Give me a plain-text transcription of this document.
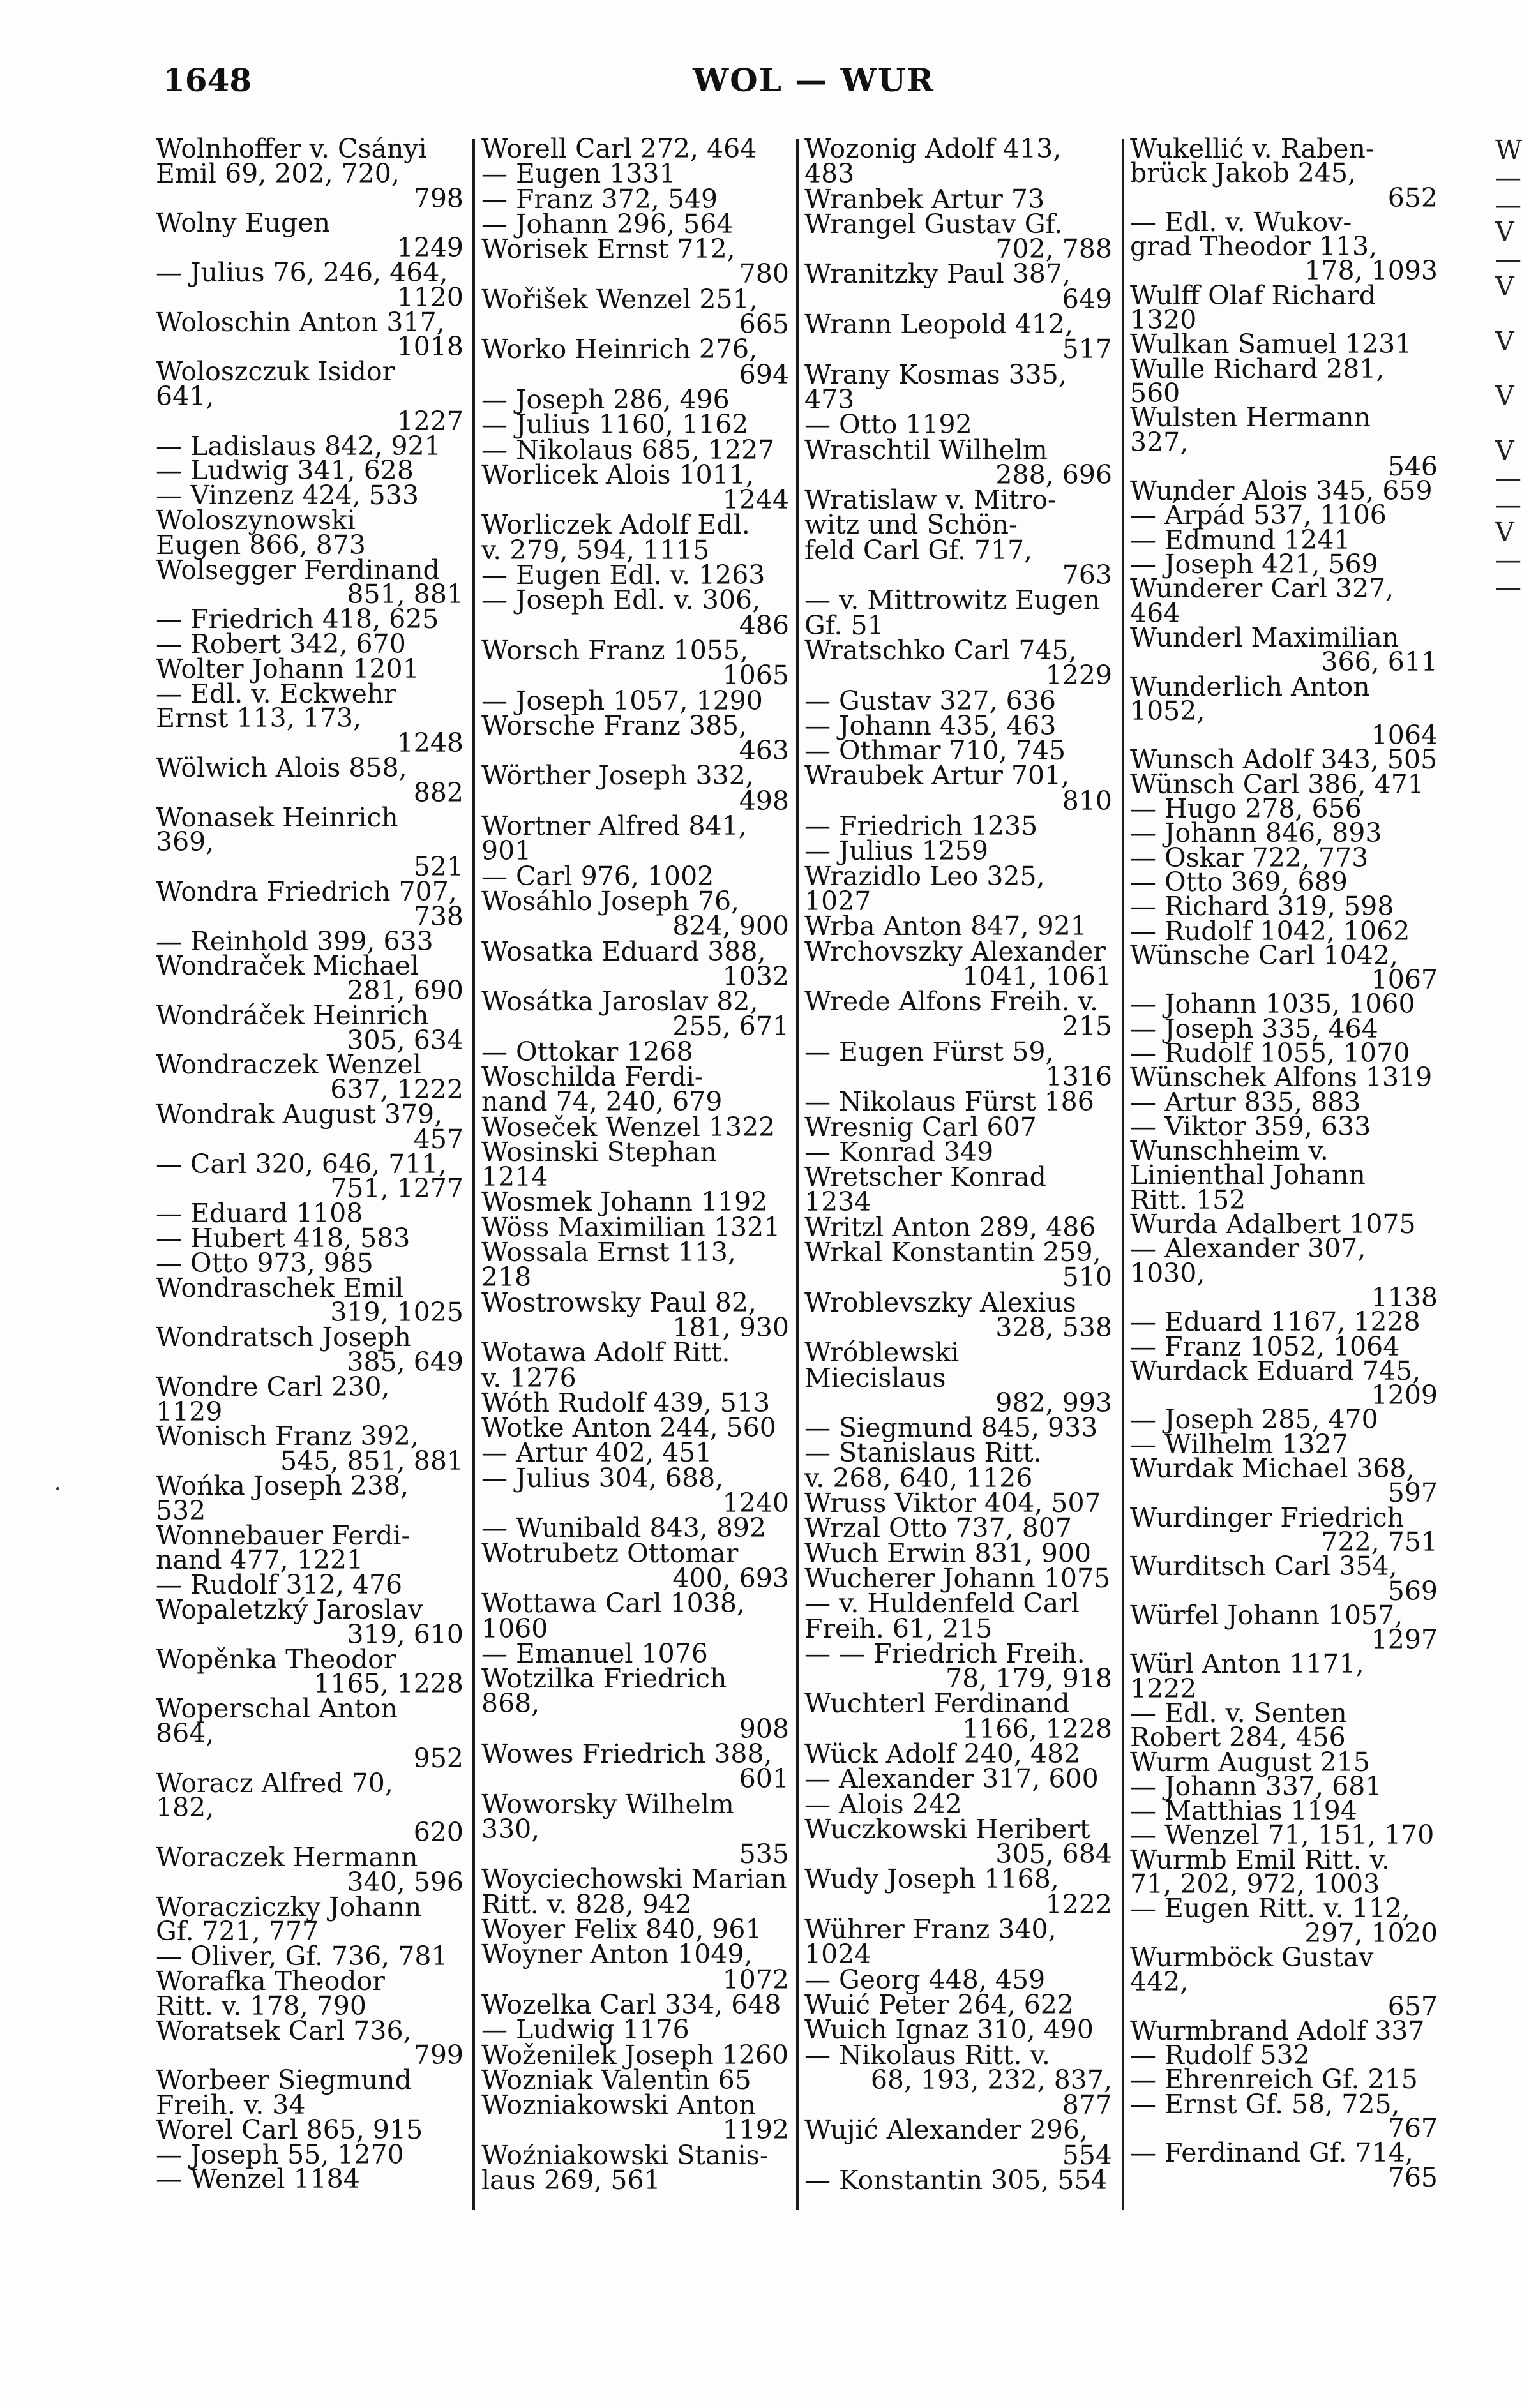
1648	WOL — WUR
Wolnhoffer v. Csányi
Emil 69, 202, 720,
798
Wolny Eugen
1249
— Julius 76, 246, 464,
1120
Woloschin Anton 317,
1018
Woloszczuk Isidor 641,
1227
— Ladislaus 842, 921
— Ludwig 341, 628
— Vinzenz 424, 533
Woloszynowski
Eugen 866, 873
Wolsegger Ferdinand
851, 881
— Friedrich 418, 625
— Robert 342, 670
Wolter Johann 1201
— Edl. v. Eckwehr
Ernst 113, 173,
1248
Wölwich Alois 858,
882
Wonasek Heinrich 369,
521
Wondra Friedrich 707,
738
— Reinhold 399, 633
Wondraček Michael
281, 690
Wondráček Heinrich
305, 634
Wondraczek Wenzel
637, 1222
Wondrak August 379,
457
— Carl 320, 646, 711,
751, 1277
— Eduard 1108
— Hubert 418, 583
— Otto 973, 985
Wondraschek Emil
319, 1025
Wondratsch Joseph
385, 649
Wondre Carl 230, 1129
Wonisch Franz 392,
545, 851, 881
Wońka Joseph 238, 532
Wonnebauer Ferdi-
nand 477, 1221
— Rudolf 312, 476
Wopaletzký Jaroslav
319, 610
Wopěnka Theodor
1165, 1228
Woperschal Anton 864,
952
Woracz Alfred 70, 182,
620
Woraczek Hermann
340, 596
Woracziczky Johann
Gf. 721, 777
— Oliver, Gf. 736, 781
Worafka Theodor
Ritt. v. 178, 790
Woratsek Carl 736,
799
Worbeer Siegmund
Freih. v. 34
Worel Carl 865, 915
— Joseph 55, 1270
— Wenzel 1184
Worell Carl 272, 464
— Eugen 1331
— Franz 372, 549
— Johann 296, 564
Worisek Ernst 712,
780
Wořišek Wenzel 251,
665
Worko Heinrich 276,
694
— Joseph 286, 496
— Julius 1160, 1162
— Nikolaus 685, 1227
Worlicek Alois 1011,
1244
Worliczek Adolf Edl.
v. 279, 594, 1115
— Eugen Edl. v. 1263
— Joseph Edl. v. 306,
486
Worsch Franz 1055,
1065
— Joseph 1057, 1290
Worsche Franz 385,
463
Wörther Joseph 332,
498
Wortner Alfred 841, 901
— Carl 976, 1002
Wosáhlo Joseph 76,
824, 900
Wosatka Eduard 388,
1032
Wosátka Jaroslav 82,
255, 671
— Ottokar 1268
Woschilda Ferdi-
nand 74, 240, 679
Woseček Wenzel 1322
Wosinski Stephan 1214
Wosmek Johann 1192
Wöss Maximilian 1321
Wossala Ernst 113, 218
Wostrowsky Paul 82,
181, 930
Wotawa Adolf Ritt.
v. 1276
Wóth Rudolf 439, 513
Wotke Anton 244, 560
— Artur 402, 451
— Julius 304, 688,
1240
— Wunibald 843, 892
Wotrubetz Ottomar
400, 693
Wottawa Carl 1038, 1060
— Emanuel 1076
Wotzilka Friedrich 868,
908
Wowes Friedrich 388,
601
Woworsky Wilhelm 330,
535
Woyciechowski Marian
Ritt. v. 828, 942
Woyer Felix 840, 961
Woyner Anton 1049,
1072
Wozelka Carl 334, 648
— Ludwig 1176
Woženilek Joseph 1260
Wozniak Valentin 65
Wozniakowski Anton
1192
Woźniakowski Stanis-
laus 269, 561
Wozonig Adolf 413, 483
Wranbek Artur 73
Wrangel Gustav Gf.
702, 788
Wranitzky Paul 387,
649
Wrann Leopold 412,
517
Wrany Kosmas 335, 473
— Otto 1192
Wraschtil Wilhelm
288, 696
Wratislaw v. Mitro-
witz und Schön-
feld Carl Gf. 717,
763
— v. Mittrowitz Eugen
Gf. 51
Wratschko Carl 745,
1229
— Gustav 327, 636
— Johann 435, 463
— Othmar 710, 745
Wraubek Artur 701,
810
— Friedrich 1235
— Julius 1259
Wrazidlo Leo 325, 1027
Wrba Anton 847, 921
Wrchovszky Alexander
1041, 1061
Wrede Alfons Freih. v.
215
— Eugen Fürst 59,
1316
— Nikolaus Fürst 186
Wresnig Carl 607
— Konrad 349
Wretscher Konrad 1234
Writzl Anton 289, 486
Wrkal Konstantin 259,
510
Wroblevszky Alexius
328, 538
Wróblewski Miecislaus
982, 993
— Siegmund 845, 933
— Stanislaus Ritt.
v. 268, 640, 1126
Wruss Viktor 404, 507
Wrzal Otto 737, 807
Wuch Erwin 831, 900
Wucherer Johann 1075
— v. Huldenfeld Carl
Freih. 61, 215
— — Friedrich Freih.
78, 179, 918
Wuchterl Ferdinand
1166, 1228
Wück Adolf 240, 482
— Alexander 317, 600
— Alois 242
Wuczkowski Heribert
305, 684
Wudy Joseph 1168,
1222
Wührer Franz 340, 1024
— Georg 448, 459
Wuić Peter 264, 622
Wuich Ignaz 310, 490
— Nikolaus Ritt. v.
68, 193, 232, 837,
877
Wujić Alexander 296,
554
— Konstantin 305, 554
Wukellić v. Raben-
brück Jakob 245,
652
— Edl. v. Wukov-
grad Theodor 113,
178, 1093
Wulff Olaf Richard 1320
Wulkan Samuel 1231
Wulle Richard 281, 560
Wulsten Hermann 327,
546
Wunder Alois 345, 659
— Árpád 537, 1106
— Edmund 1241
— Joseph 421, 569
Wunderer Carl 327, 464
Wunderl Maximilian
366, 611
Wunderlich Anton 1052,
1064
Wunsch Adolf 343, 505
Wünsch Carl 386, 471
— Hugo 278, 656
— Johann 846, 893
— Oskar 722, 773
— Otto 369, 689
— Richard 319, 598
— Rudolf 1042, 1062
Wünsche Carl 1042,
1067
— Johann 1035, 1060
— Joseph 335, 464
— Rudolf 1055, 1070
Wünschek Alfons 1319
— Artur 835, 883
— Viktor 359, 633
Wunschheim v.
Linienthal Johann
Ritt. 152
Wurda Adalbert 1075
— Alexander 307, 1030,
1138
— Eduard 1167, 1228
— Franz 1052, 1064
Wurdack Eduard 745,
1209
— Joseph 285, 470
— Wilhelm 1327
Wurdak Michael 368,
597
Wurdinger Friedrich
722, 751
Wurditsch Carl 354,
569
Würfel Johann 1057,
1297
Würl Anton 1171, 1222
— Edl. v. Senten
Robert 284, 456
Wurm August 215
— Johann 337, 681
— Matthias 1194
— Wenzel 71, 151, 170
Wurmb Emil Ritt. v.
71, 202, 972, 1003
— Eugen Ritt. v. 112,
297, 1020
Wurmböck Gustav 442,
657
Wurmbrand Adolf 337
— Rudolf 532
— Ehrenreich Gf. 215
— Ernst Gf. 58, 725,
767
— Ferdinand Gf. 714,
765
W
—
—
V
—
V
V
V
V
—
—
V
—
—
